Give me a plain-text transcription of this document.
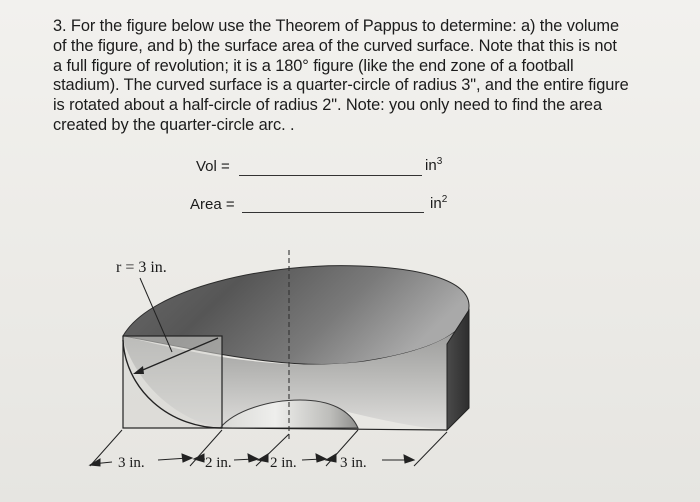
3. For the figure below use the Theorem of Pappus to determine: a) the volume

of the figure, and b) the surface area of the curved surface. Note that this is not

a full figure of revolution; it is a 180° figure (like the end zone of a football

stadium). The curved surface is a quarter-circle of radius 3", and the entire figure

is rotated about a half-circle of radius 2". Note: you only need to find the area

created by the quarter-circle arc. .

Vol =	$in^3$
Area =	$in^2$
r = 3 in.
3 in.	2 in.	2 in.	3 in.
